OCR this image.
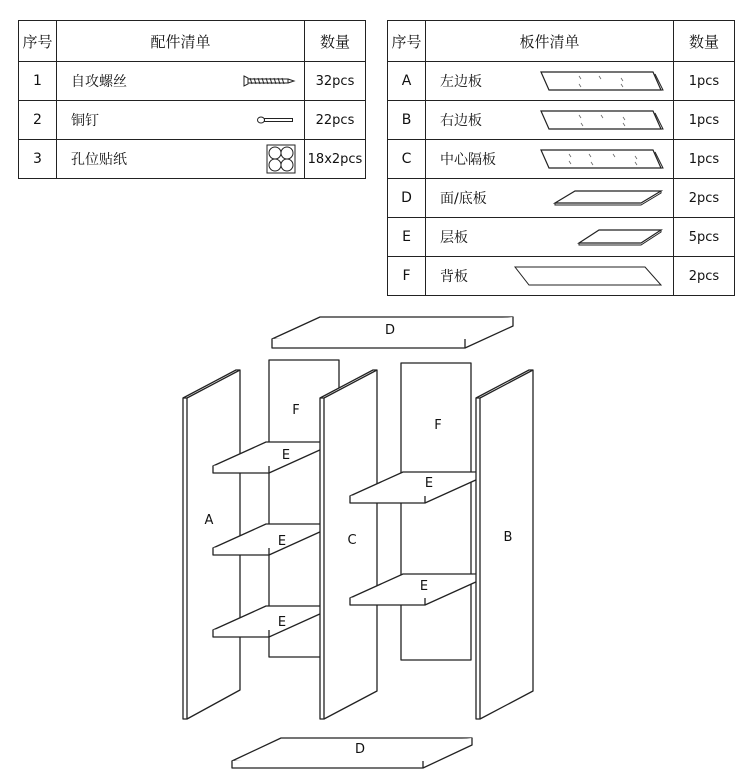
序号	配件清单	数量
1	自攻螺丝	32pcs
2	铜钉	22pcs
3	孔位贴纸	18x2pcs
序号	板件清单	数量
A	左边板	1pcs
B	右边板	1pcs
C	中心隔板	1pcs
D	面/底板	2pcs
E	层板	5pcs
F	背板	2pcs
D
F
F
E
A
E	C
E
E
E
B
D
